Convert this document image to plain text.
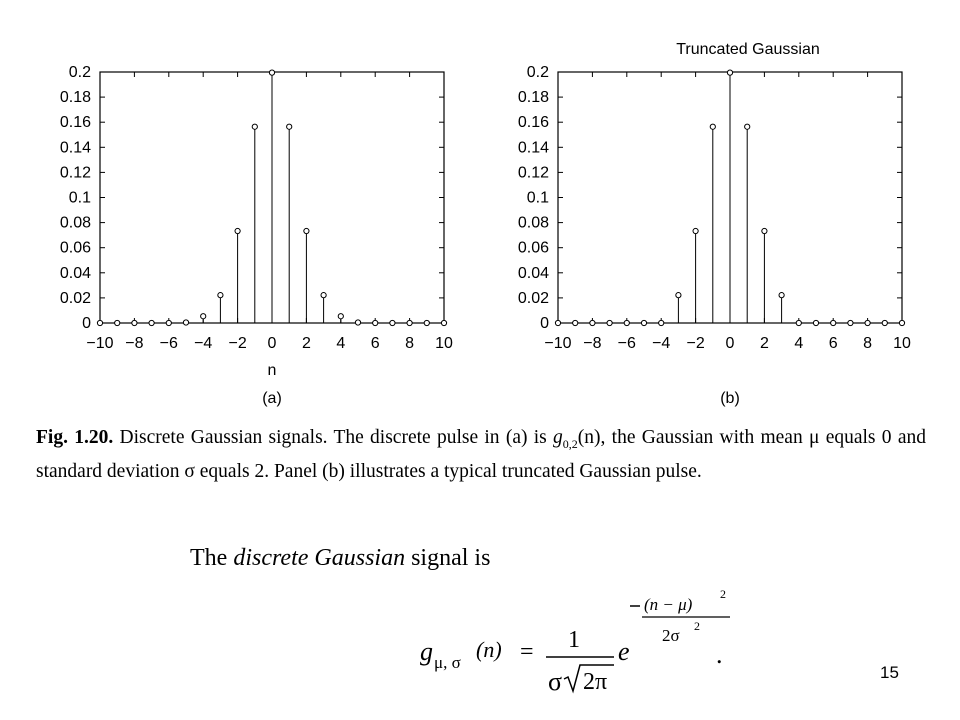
0
0.02
0.04
0.06
0.08
0.1
0.12
0.14
0.16
0.18
0.2
−10 −8 −6 −4 −2 0 2 4 6 8 10
n
(a)
0
0.02
0.04
0.06
0.08
0.1
0.12
0.14
0.16
0.18
0.2
−10 −8 −6 −4 −2 0 2 4 6 8 10
(b)
Truncated Gaussian
Fig. 1.20. Discrete Gaussian signals. The discrete pulse in (a) is $g_{0,2}(n)$, the Gaussian with mean μ equals 0 and standard deviation σ equals 2. Panel (b) illustrates a typical truncated Gaussian pulse.
The discrete Gaussian signal is
g μ, σ
(n) = 1
σ 2π
e
(n − μ)
2
2σ 2
.
15
